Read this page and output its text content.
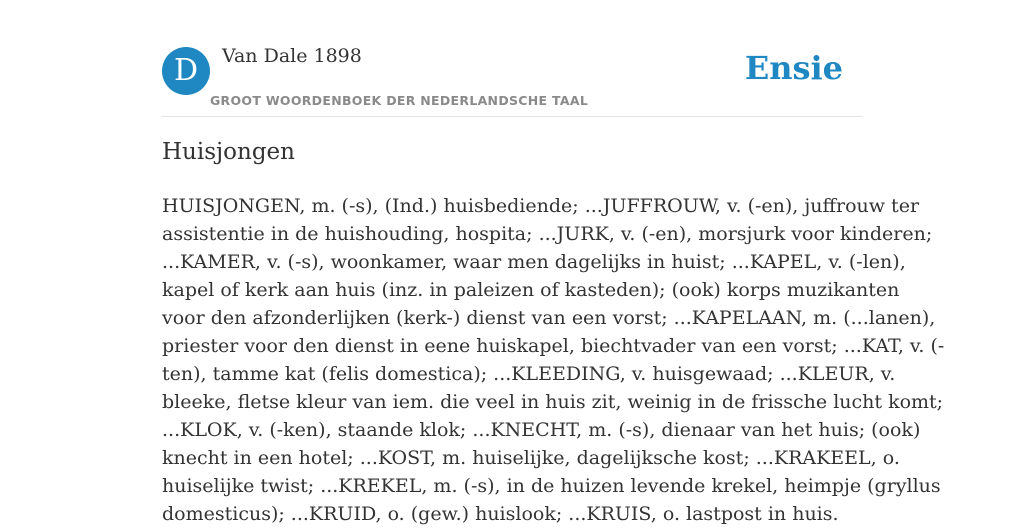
D	Van Dale 1898
GROOT WOORDENBOEK DER NEDERLANDSCHE TAAL
Ensie
Huisjongen

HUISJONGEN, m. (-s), (Ind.) huisbediende; ...JUFFROUW, v. (-en), juffrouw ter
assistentie in de huishouding, hospita; ...JURK, v. (-en), morsjurk voor kinderen;
...KAMER, v. (-s), woonkamer, waar men dagelijks in huist; ...KAPEL, v. (-len),
kapel of kerk aan huis (inz. in paleizen of kasteden); (ook) korps muzikanten
voor den afzonderlijken (kerk-) dienst van een vorst; ...KAPELAAN, m. (...lanen),
priester voor den dienst in eene huiskapel, biechtvader van een vorst; ...KAT, v. (-
ten), tamme kat (felis domestica); ...KLEEDING, v. huisgewaad; ...KLEUR, v.
bleeke, fletse kleur van iem. die veel in huis zit, weinig in de frissche lucht komt;
...KLOK, v. (-ken), staande klok; ...KNECHT, m. (-s), dienaar van het huis; (ook)
knecht in een hotel; ...KOST, m. huiselijke, dagelijksche kost; ...KRAKEEL, o.
huiselijke twist; ...KREKEL, m. (-s), in de huizen levende krekel, heimpje (gryllus
domesticus); ...KRUID, o. (gew.) huislook; ...KRUIS, o. lastpost in huis.
